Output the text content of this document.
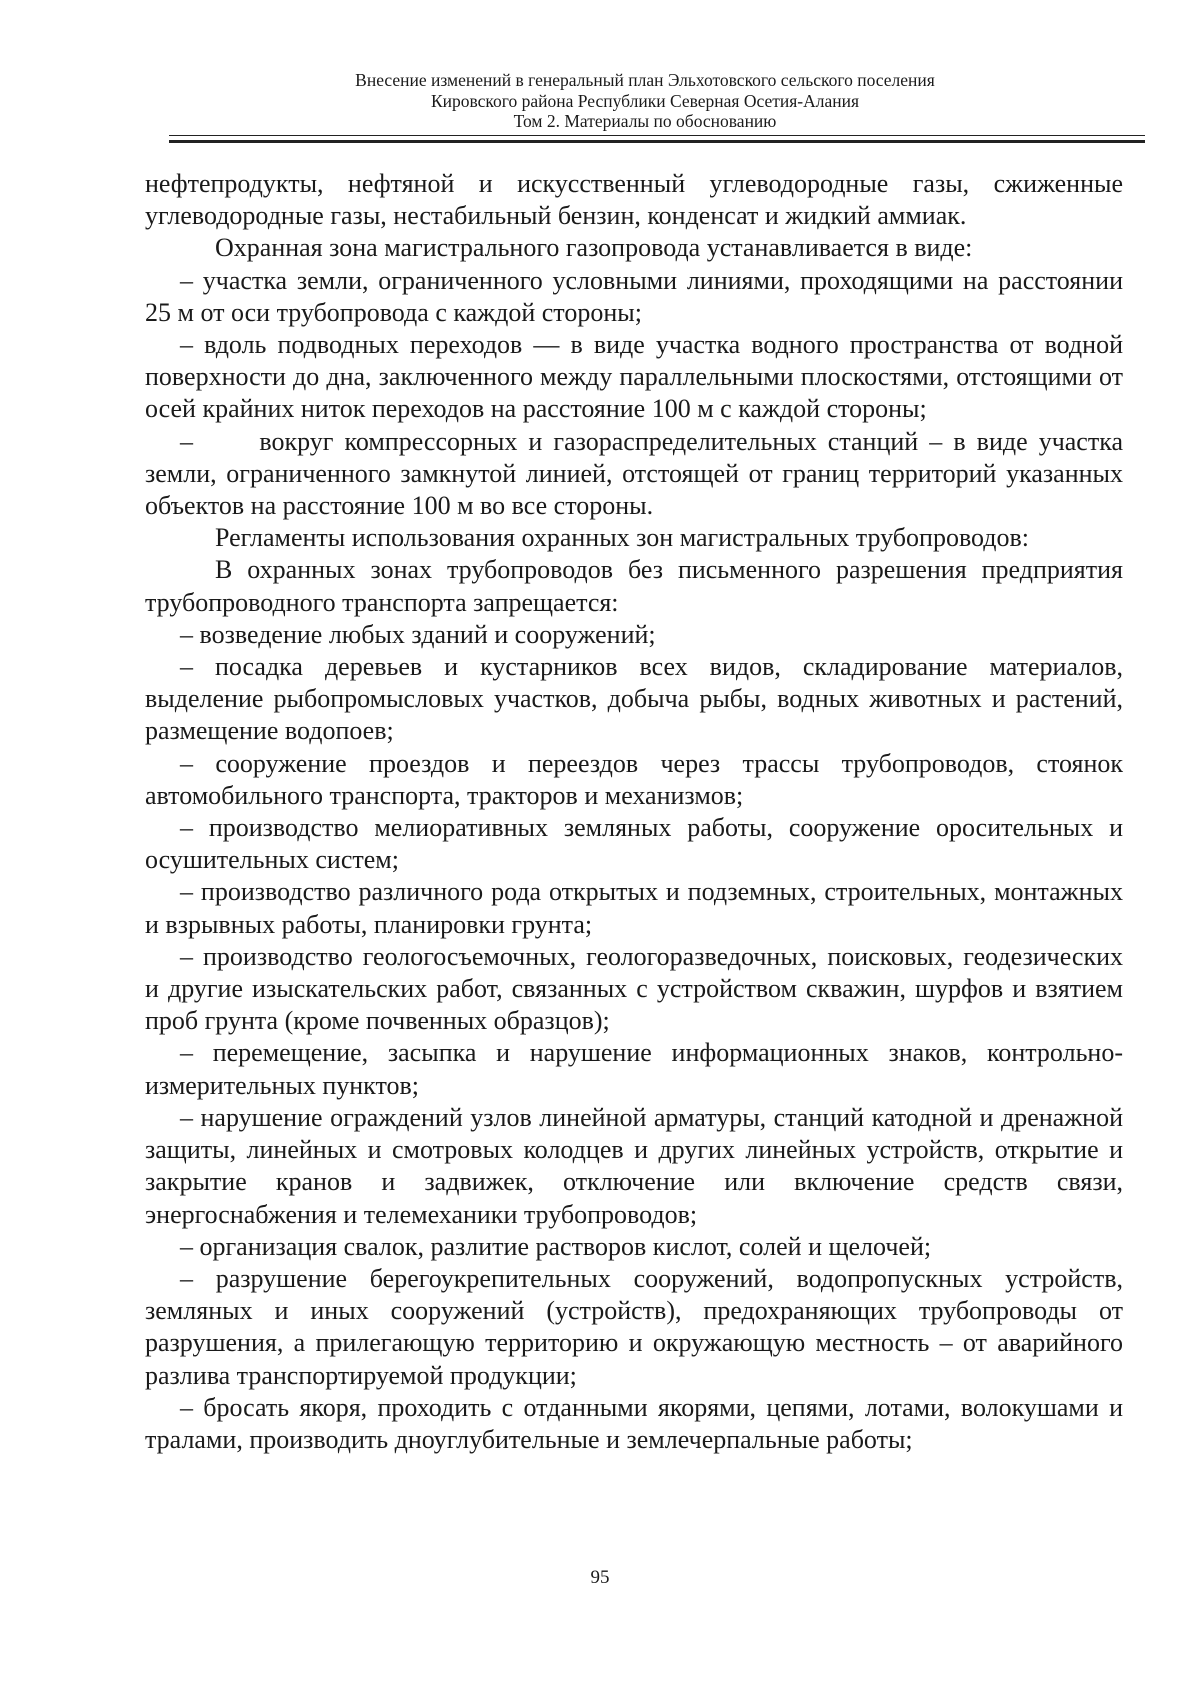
Внесение изменений в генеральный план Эльхотовского сельского поселения
Кировского района Республики Северная Осетия-Алания
Том 2. Материалы по обоснованию

нефтепродукты, нефтяной и искусственный углеводородные газы, сжиженные углеводородные газы, нестабильный бензин, конденсат и жидкий аммиак.

Охранная зона магистрального газопровода устанавливается в виде:

– участка земли, ограниченного условными линиями, проходящими на расстоянии 25 м от оси трубопровода с каждой стороны;

– вдоль подводных переходов — в виде участка водного пространства от водной поверхности до дна, заключенного между параллельными плоскостями, отстоящими от осей крайних ниток переходов на расстояние 100 м с каждой стороны;

–      вокруг компрессорных и газораспределительных станций – в виде участка земли, ограниченного замкнутой линией, отстоящей от границ территорий указанных объектов на расстояние 100 м во все стороны.

Регламенты использования охранных зон магистральных трубопроводов:

В охранных зонах трубопроводов без письменного разрешения предприятия трубопроводного транспорта запрещается:

– возведение любых зданий и сооружений;

– посадка деревьев и кустарников всех видов, складирование материалов, выделение рыбопромысловых участков, добыча рыбы, водных животных и растений, размещение водопоев;

– сооружение проездов и переездов через трассы трубопроводов, стоянок автомобильного транспорта, тракторов и механизмов;

– производство мелиоративных земляных работы, сооружение оросительных и осушительных систем;

– производство различного рода открытых и подземных, строительных, монтажных и взрывных работы, планировки грунта;

– производство геологосъемочных, геологоразведочных, поисковых, геодезических и другие изыскательских работ, связанных с устройством скважин, шурфов и взятием проб грунта (кроме почвенных образцов);

– перемещение, засыпка и нарушение информационных знаков, контрольно-измерительных пунктов;

– нарушение ограждений узлов линейной арматуры, станций катодной и дренажной защиты, линейных и смотровых колодцев и других линейных устройств, открытие и закрытие кранов и задвижек, отключение или включение средств связи, энергоснабжения и телемеханики трубопроводов;

– организация свалок, разлитие растворов кислот, солей и щелочей;

– разрушение берегоукрепительных сооружений, водопропускных устройств, земляных и иных сооружений (устройств), предохраняющих трубопроводы от разрушения, а прилегающую территорию и окружающую местность – от аварийного разлива транспортируемой продукции;

– бросать якоря, проходить с отданными якорями, цепями, лотами, волокушами и тралами, производить дноуглубительные и землечерпальные работы;

95
